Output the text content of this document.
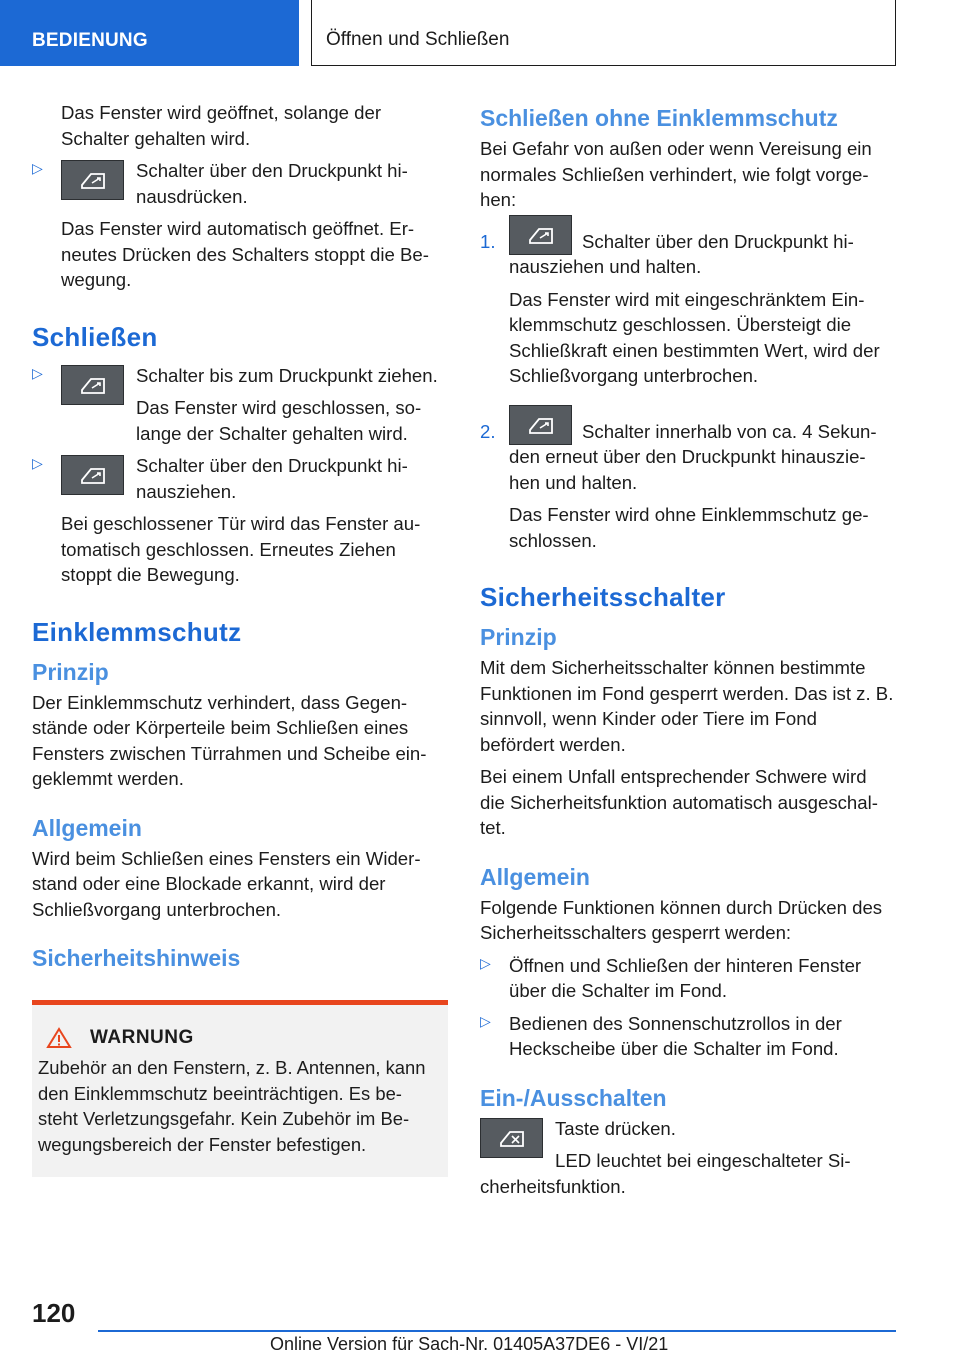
BEDIENUNG	Öffnen und Schließen

Das Fenster wird geöffnet, solange der Schalter gehalten wird.

▷	Schalter über den Druckpunkt hi-nausdrücken.

Das Fenster wird automatisch geöffnet. Er-neutes Drücken des Schalters stoppt die Be-wegung.

Schließen
▷	Schalter bis zum Druckpunkt ziehen.

Das Fenster wird geschlossen, so-lange der Schalter gehalten wird.

▷	Schalter über den Druckpunkt hi-nausziehen.

Bei geschlossener Tür wird das Fenster au-tomatisch geschlossen. Erneutes Ziehen stoppt die Bewegung.

Einklemmschutz
Prinzip

Der Einklemmschutz verhindert, dass Gegen-stände oder Körperteile beim Schließen eines Fensters zwischen Türrahmen und Scheibe ein-geklemmt werden.

Allgemein

Wird beim Schließen eines Fensters ein Wider-stand oder eine Blockade erkannt, wird der Schließvorgang unterbrochen.

Sicherheitshinweis
WARNUNG

Zubehör an den Fenstern, z. B. Antennen, kann den Einklemmschutz beeinträchtigen. Es be-steht Verletzungsgefahr. Kein Zubehör im Be-wegungsbereich der Fenster befestigen.

Schließen ohne Einklemmschutz

Bei Gefahr von außen oder wenn Vereisung ein normales Schließen verhindert, wie folgt vorge-hen:

1.	Schalter über den Druckpunkt hi-nausziehen und halten.

Das Fenster wird mit eingeschränktem Ein-klemmschutz geschlossen. Übersteigt die Schließkraft einen bestimmten Wert, wird der Schließvorgang unterbrochen.

2.	Schalter innerhalb von ca. 4 Sekun-den erneut über den Druckpunkt hinauszie-hen und halten.

Das Fenster wird ohne Einklemmschutz ge-schlossen.

Sicherheitsschalter
Prinzip

Mit dem Sicherheitsschalter können bestimmte Funktionen im Fond gesperrt werden. Das ist z. B. sinnvoll, wenn Kinder oder Tiere im Fond befördert werden.

Bei einem Unfall entsprechender Schwere wird die Sicherheitsfunktion automatisch ausgeschal-tet.

Allgemein

Folgende Funktionen können durch Drücken des Sicherheitsschalters gesperrt werden:

▷ Öffnen und Schließen der hinteren Fenster über die Schalter im Fond.

▷ Bedienen des Sonnenschutzrollos in der Heckscheibe über die Schalter im Fond.

Ein-/Ausschalten

Taste drücken.

LED leuchtet bei eingeschalteter Si-cherheitsfunktion.

120
Online Version für Sach-Nr. 01405A37DE6 - VI/21
